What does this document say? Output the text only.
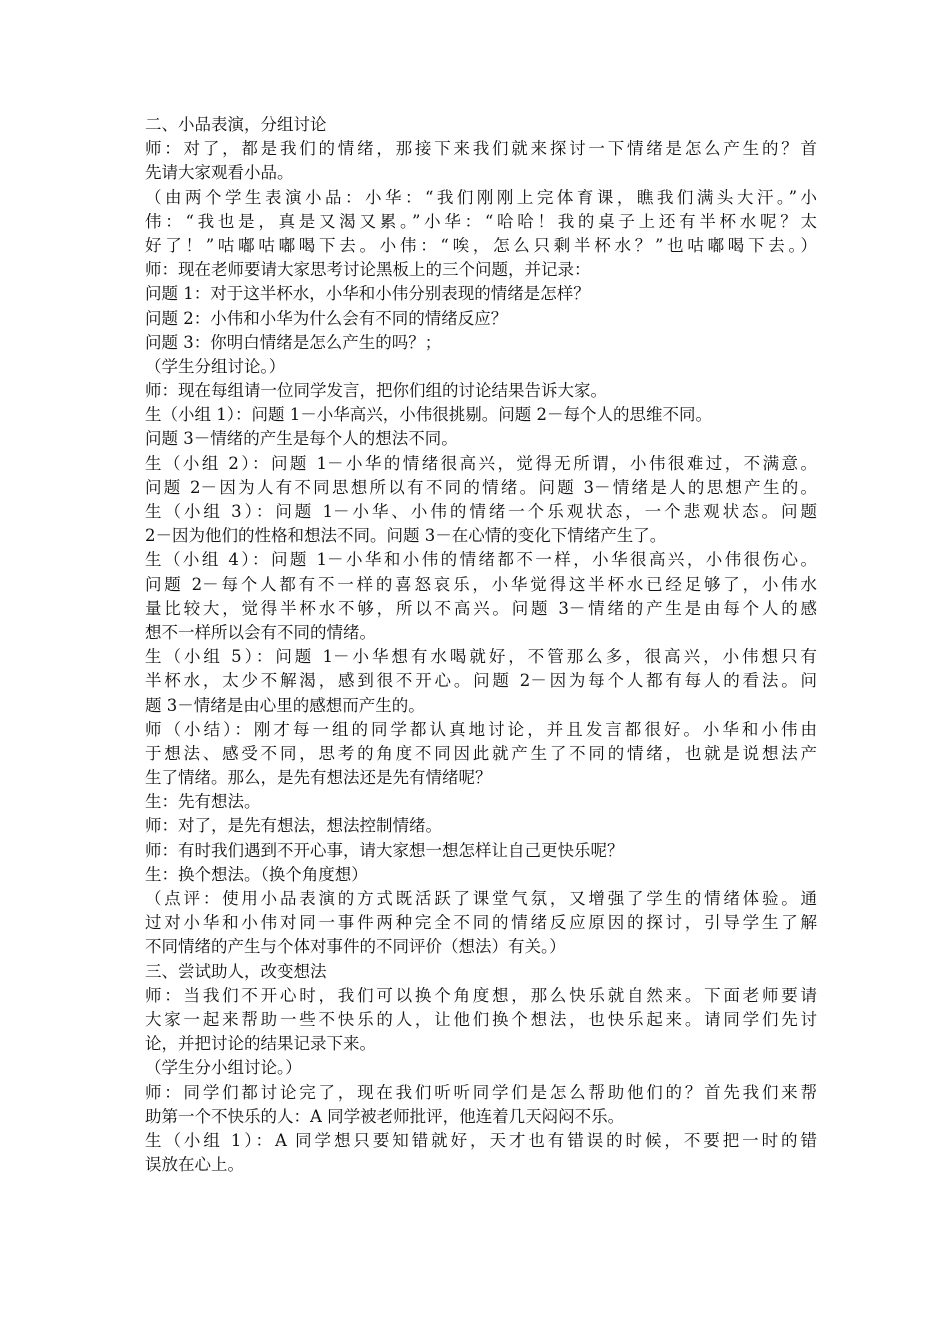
二、小品表演，分组讨论
师：对了，都是我们的情绪，那接下来我们就来探讨一下情绪是怎么产生的？首
先请大家观看小品。
（由两个学生表演小品：小华：“我们刚刚上完体育课，瞧我们满头大汗。”小
伟：“我也是，真是又渴又累。”小华：“哈哈！我的桌子上还有半杯水呢？太
好了！”咕嘟咕嘟喝下去。小伟：“唉，怎么只剩半杯水？”也咕嘟喝下去。）
师：现在老师要请大家思考讨论黑板上的三个问题，并记录：
问题 1：对于这半杯水，小华和小伟分别表现的情绪是怎样？
问题 2：小伟和小华为什么会有不同的情绪反应？
问题 3：你明白情绪是怎么产生的吗？；
（学生分组讨论。）
师：现在每组请一位同学发言，把你们组的讨论结果告诉大家。
生（小组 1）：问题 1－小华高兴，小伟很挑剔。问题 2－每个人的思维不同。
问题 3－情绪的产生是每个人的想法不同。
生（小组 2）：问题 1－小华的情绪很高兴，觉得无所谓，小伟很难过，不满意。
问题 2－因为人有不同思想所以有不同的情绪。问题 3－情绪是人的思想产生的。
生（小组 3）：问题 1－小华、小伟的情绪一个乐观状态，一个悲观状态。问题
2－因为他们的性格和想法不同。问题 3－在心情的变化下情绪产生了。
生（小组 4）：问题 1－小华和小伟的情绪都不一样，小华很高兴，小伟很伤心。
问题 2－每个人都有不一样的喜怒哀乐，小华觉得这半杯水已经足够了，小伟水
量比较大，觉得半杯水不够，所以不高兴。问题 3－情绪的产生是由每个人的感
想不一样所以会有不同的情绪。
生（小组 5）：问题 1－小华想有水喝就好，不管那么多，很高兴，小伟想只有
半杯水，太少不解渴，感到很不开心。问题 2－因为每个人都有每人的看法。问
题 3－情绪是由心里的感想而产生的。
师（小结）：刚才每一组的同学都认真地讨论，并且发言都很好。小华和小伟由
于想法、感受不同，思考的角度不同因此就产生了不同的情绪，也就是说想法产
生了情绪。那么，是先有想法还是先有情绪呢？
生：先有想法。
师：对了，是先有想法，想法控制情绪。
师：有时我们遇到不开心事，请大家想一想怎样让自己更快乐呢？
生：换个想法。（换个角度想）
（点评：使用小品表演的方式既活跃了课堂气氛，又增强了学生的情绪体验。通
过对小华和小伟对同一事件两种完全不同的情绪反应原因的探讨，引导学生了解
不同情绪的产生与个体对事件的不同评价（想法）有关。）
三、尝试助人，改变想法
师：当我们不开心时，我们可以换个角度想，那么快乐就自然来。下面老师要请
大家一起来帮助一些不快乐的人，让他们换个想法，也快乐起来。请同学们先讨
论，并把讨论的结果记录下来。
（学生分小组讨论。）
师：同学们都讨论完了，现在我们听听同学们是怎么帮助他们的？首先我们来帮
助第一个不快乐的人：A 同学被老师批评，他连着几天闷闷不乐。
生（小组 1）：A 同学想只要知错就好，天才也有错误的时候，不要把一时的错
误放在心上。
